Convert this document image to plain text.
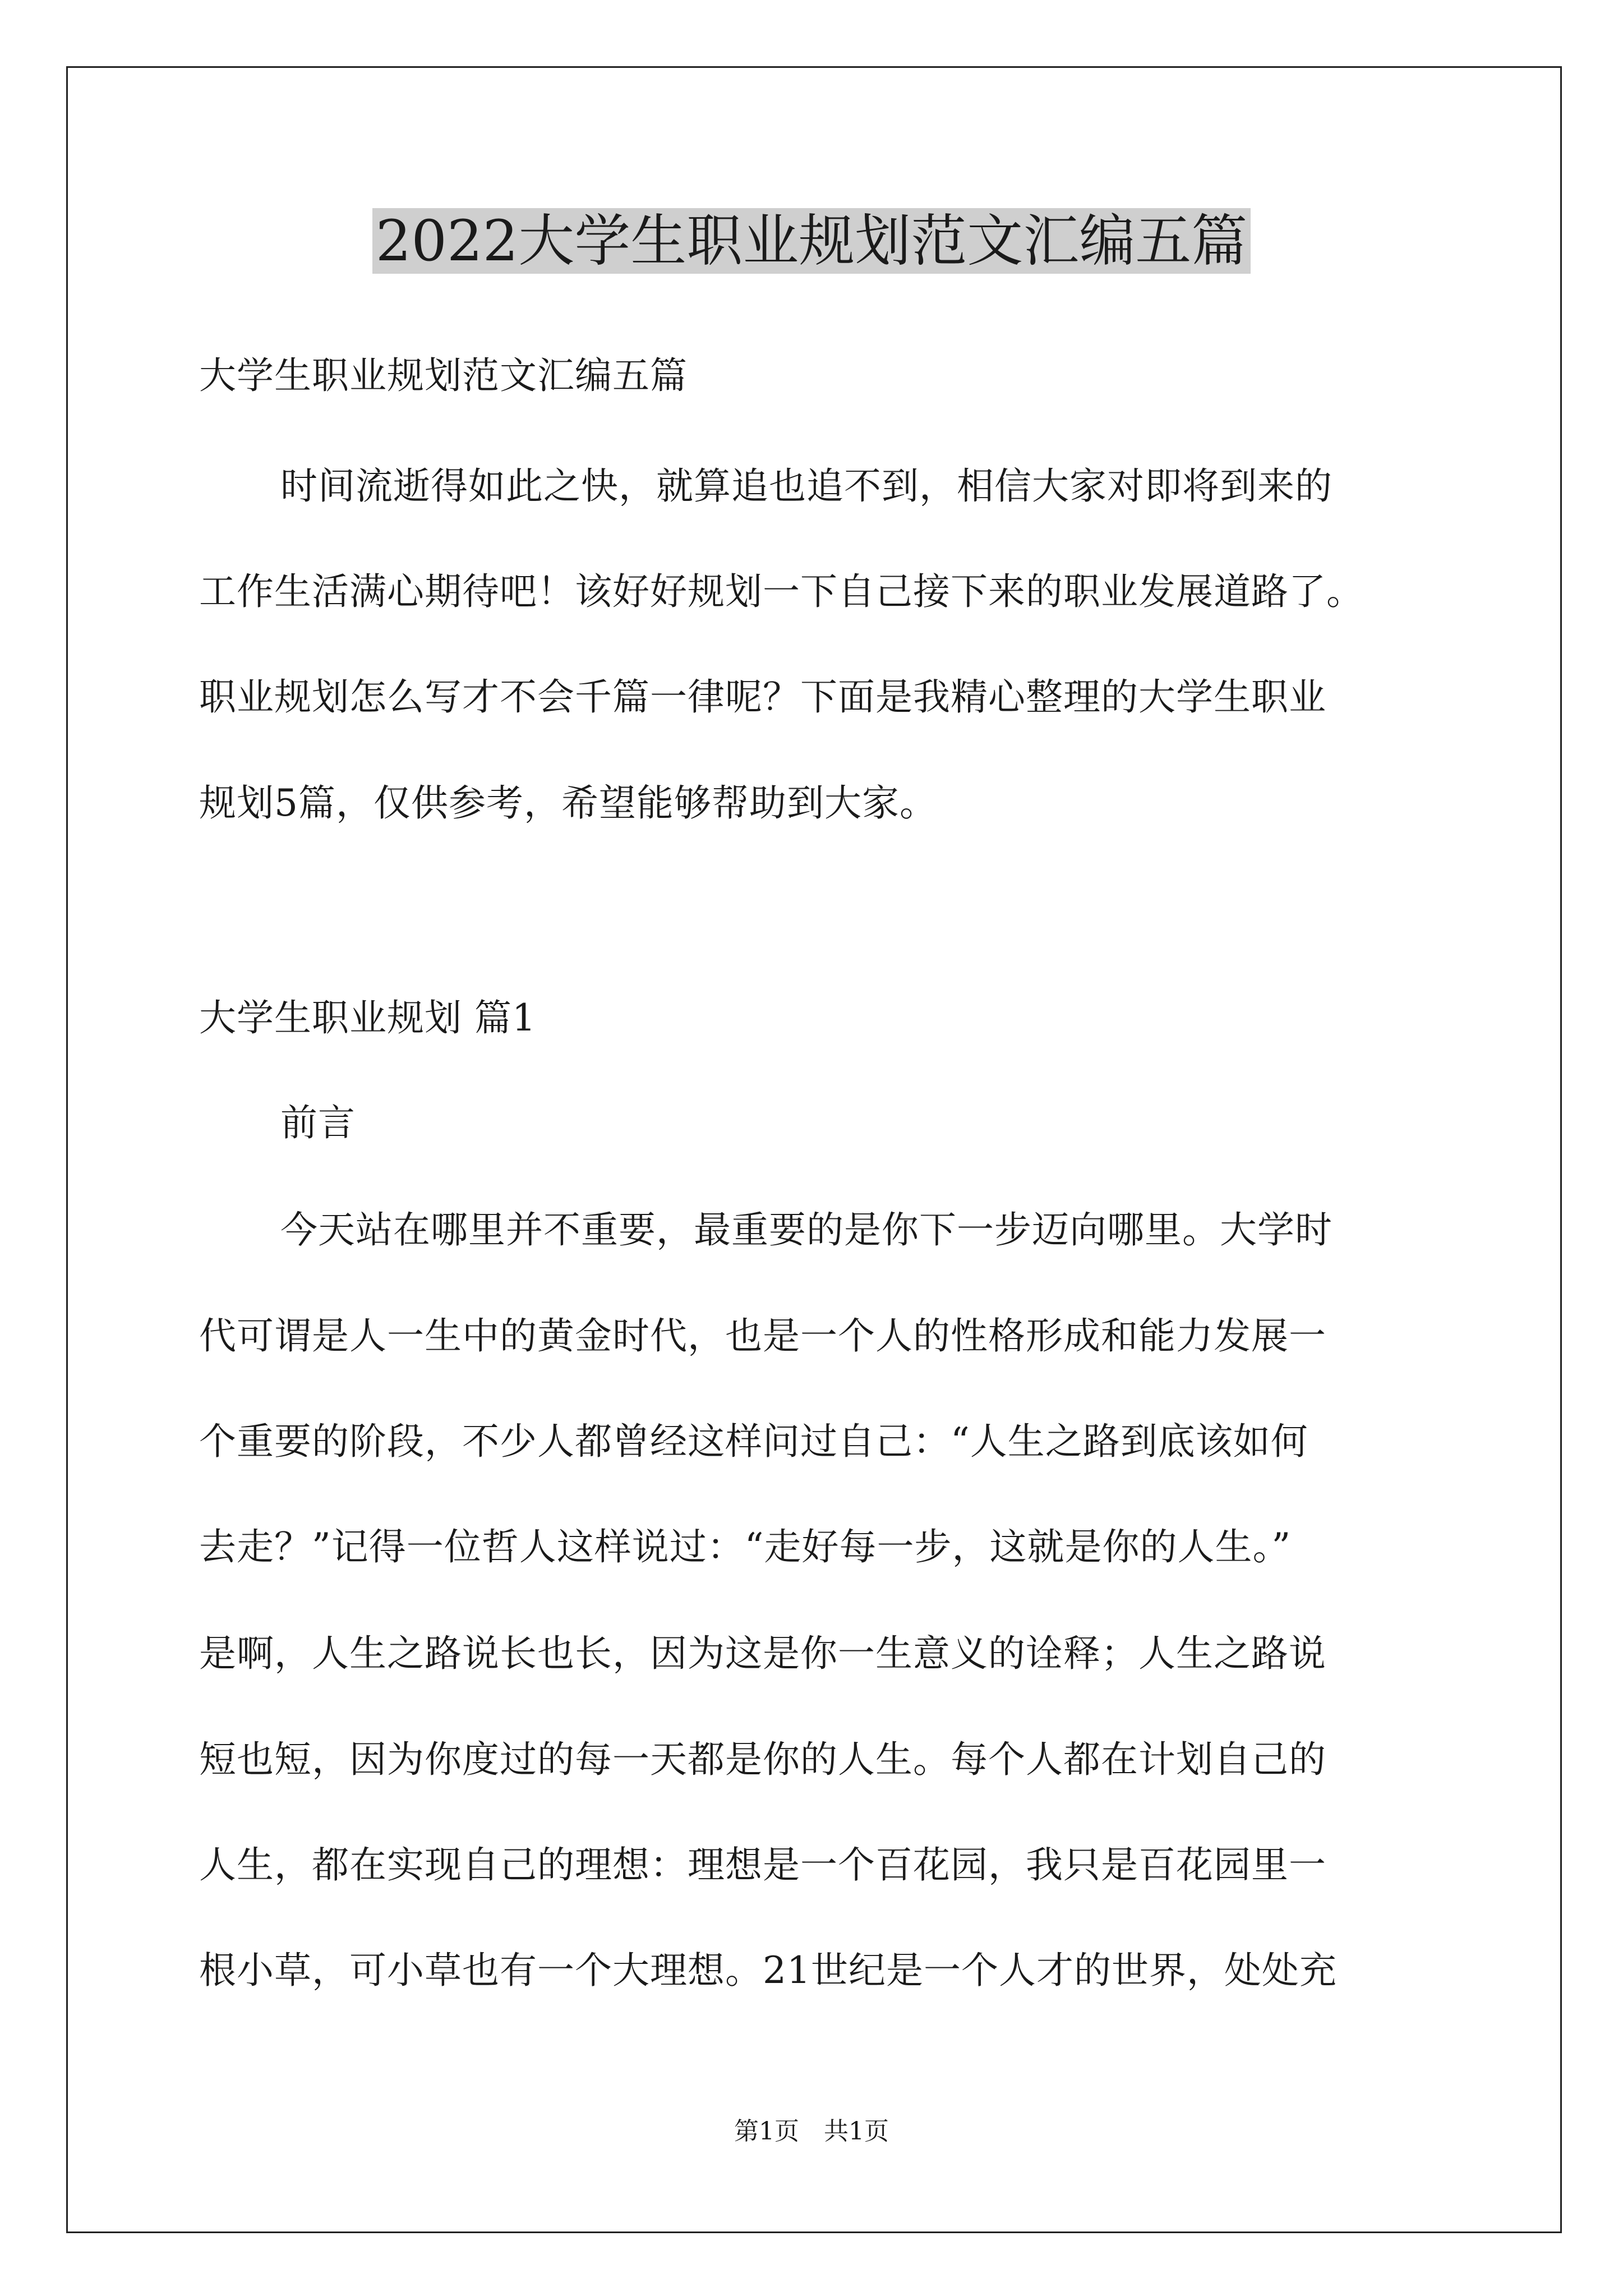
2022大学生职业规划范文汇编五篇
大学生职业规划范文汇编五篇
时间流逝得如此之快，就算追也追不到，相信大家对即将到来的
工作生活满心期待吧！该好好规划一下自己接下来的职业发展道路了。
职业规划怎么写才不会千篇一律呢？下面是我精心整理的大学生职业
规划5篇，仅供参考，希望能够帮助到大家。
大学生职业规划 篇1
前言
今天站在哪里并不重要，最重要的是你下一步迈向哪里。大学时
代可谓是人一生中的黄金时代，也是一个人的性格形成和能力发展一
个重要的阶段，不少人都曾经这样问过自己：“人生之路到底该如何
去走？”记得一位哲人这样说过：“走好每一步，这就是你的人生。”
是啊，人生之路说长也长，因为这是你一生意义的诠释；人生之路说
短也短，因为你度过的每一天都是你的人生。每个人都在计划自己的
人生，都在实现自己的理想：理想是一个百花园，我只是百花园里一
根小草，可小草也有一个大理想。21世纪是一个人才的世界，处处充
第1页　共1页
